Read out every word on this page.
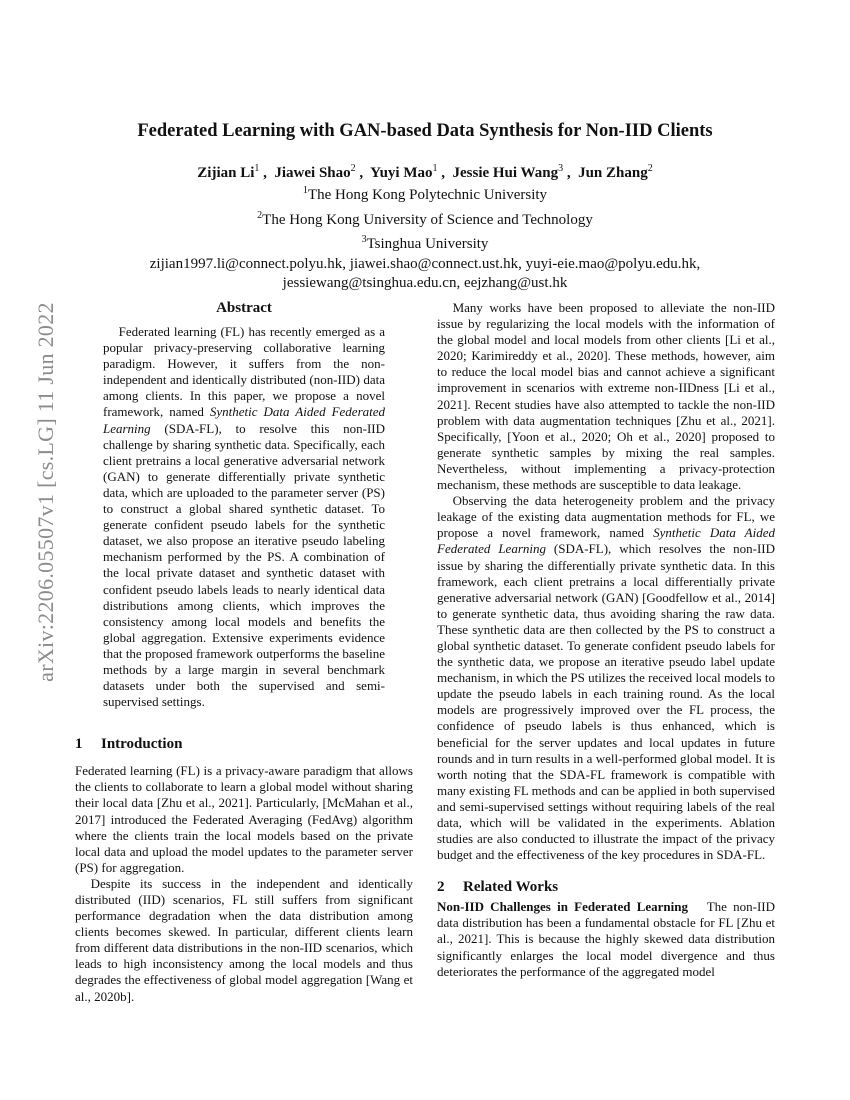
arXiv:2206.05507v1 [cs.LG] 11 Jun 2022
Federated Learning with GAN-based Data Synthesis for Non-IID Clients
Zijian Li$^1$ ,  Jiawei Shao$^2$ ,  Yuyi Mao$^1$ ,  Jessie Hui Wang$^3$ ,  Jun Zhang$^2$
$^1$The Hong Kong Polytechnic University
$^2$The Hong Kong University of Science and Technology
$^3$Tsinghua University
zijian1997.li@connect.polyu.hk, jiawei.shao@connect.ust.hk, yuyi-eie.mao@polyu.edu.hk,
jessiewang@tsinghua.edu.cn, eejzhang@ust.hk
Abstract

Federated learning (FL) has recently emerged as a popular privacy-preserving collaborative learning paradigm. However, it suffers from the non-independent and identically distributed (non-IID) data among clients. In this paper, we propose a novel framework, named Synthetic Data Aided Federated Learning (SDA-FL), to resolve this non-IID challenge by sharing synthetic data. Specifically, each client pretrains a local generative adversarial network (GAN) to generate differentially private synthetic data, which are uploaded to the parameter server (PS) to construct a global shared synthetic dataset. To generate confident pseudo labels for the synthetic dataset, we also propose an iterative pseudo labeling mechanism performed by the PS. A combination of the local private dataset and synthetic dataset with confident pseudo labels leads to nearly identical data distributions among clients, which improves the consistency among local models and benefits the global aggregation. Extensive experiments evidence that the proposed framework outperforms the baseline methods by a large margin in several benchmark datasets under both the supervised and semi-supervised settings.

1 Introduction

Federated learning (FL) is a privacy-aware paradigm that allows the clients to collaborate to learn a global model without sharing their local data [Zhu et al., 2021]. Particularly, [McMahan et al., 2017] introduced the Federated Averaging (FedAvg) algorithm where the clients train the local models based on the private local data and upload the model updates to the parameter server (PS) for aggregation.

Despite its success in the independent and identically distributed (IID) scenarios, FL still suffers from significant performance degradation when the data distribution among clients becomes skewed. In particular, different clients learn from different data distributions in the non-IID scenarios, which leads to high inconsistency among the local models and thus degrades the effectiveness of global model aggregation [Wang et al., 2020b].

Many works have been proposed to alleviate the non-IID issue by regularizing the local models with the information of the global model and local models from other clients [Li et al., 2020; Karimireddy et al., 2020]. These methods, however, aim to reduce the local model bias and cannot achieve a significant improvement in scenarios with extreme non-IIDness [Li et al., 2021]. Recent studies have also attempted to tackle the non-IID problem with data augmentation techniques [Zhu et al., 2021]. Specifically, [Yoon et al., 2020; Oh et al., 2020] proposed to generate synthetic samples by mixing the real samples. Nevertheless, without implementing a privacy-protection mechanism, these methods are susceptible to data leakage.

Observing the data heterogeneity problem and the privacy leakage of the existing data augmentation methods for FL, we propose a novel framework, named Synthetic Data Aided Federated Learning (SDA-FL), which resolves the non-IID issue by sharing the differentially private synthetic data. In this framework, each client pretrains a local differentially private generative adversarial network (GAN) [Goodfellow et al., 2014] to generate synthetic data, thus avoiding sharing the raw data. These synthetic data are then collected by the PS to construct a global synthetic dataset. To generate confident pseudo labels for the synthetic data, we propose an iterative pseudo label update mechanism, in which the PS utilizes the received local models to update the pseudo labels in each training round. As the local models are progressively improved over the FL process, the confidence of pseudo labels is thus enhanced, which is beneficial for the server updates and local updates in future rounds and in turn results in a well-performed global model. It is worth noting that the SDA-FL framework is compatible with many existing FL methods and can be applied in both supervised and semi-supervised settings without requiring labels of the real data, which will be validated in the experiments. Ablation studies are also conducted to illustrate the impact of the privacy budget and the effectiveness of the key procedures in SDA-FL.

2 Related Works

Non-IID Challenges in Federated Learning The non-IID data distribution has been a fundamental obstacle for FL [Zhu et al., 2021]. This is because the highly skewed data distribution significantly enlarges the local model divergence and thus deteriorates the performance of the aggregated model
